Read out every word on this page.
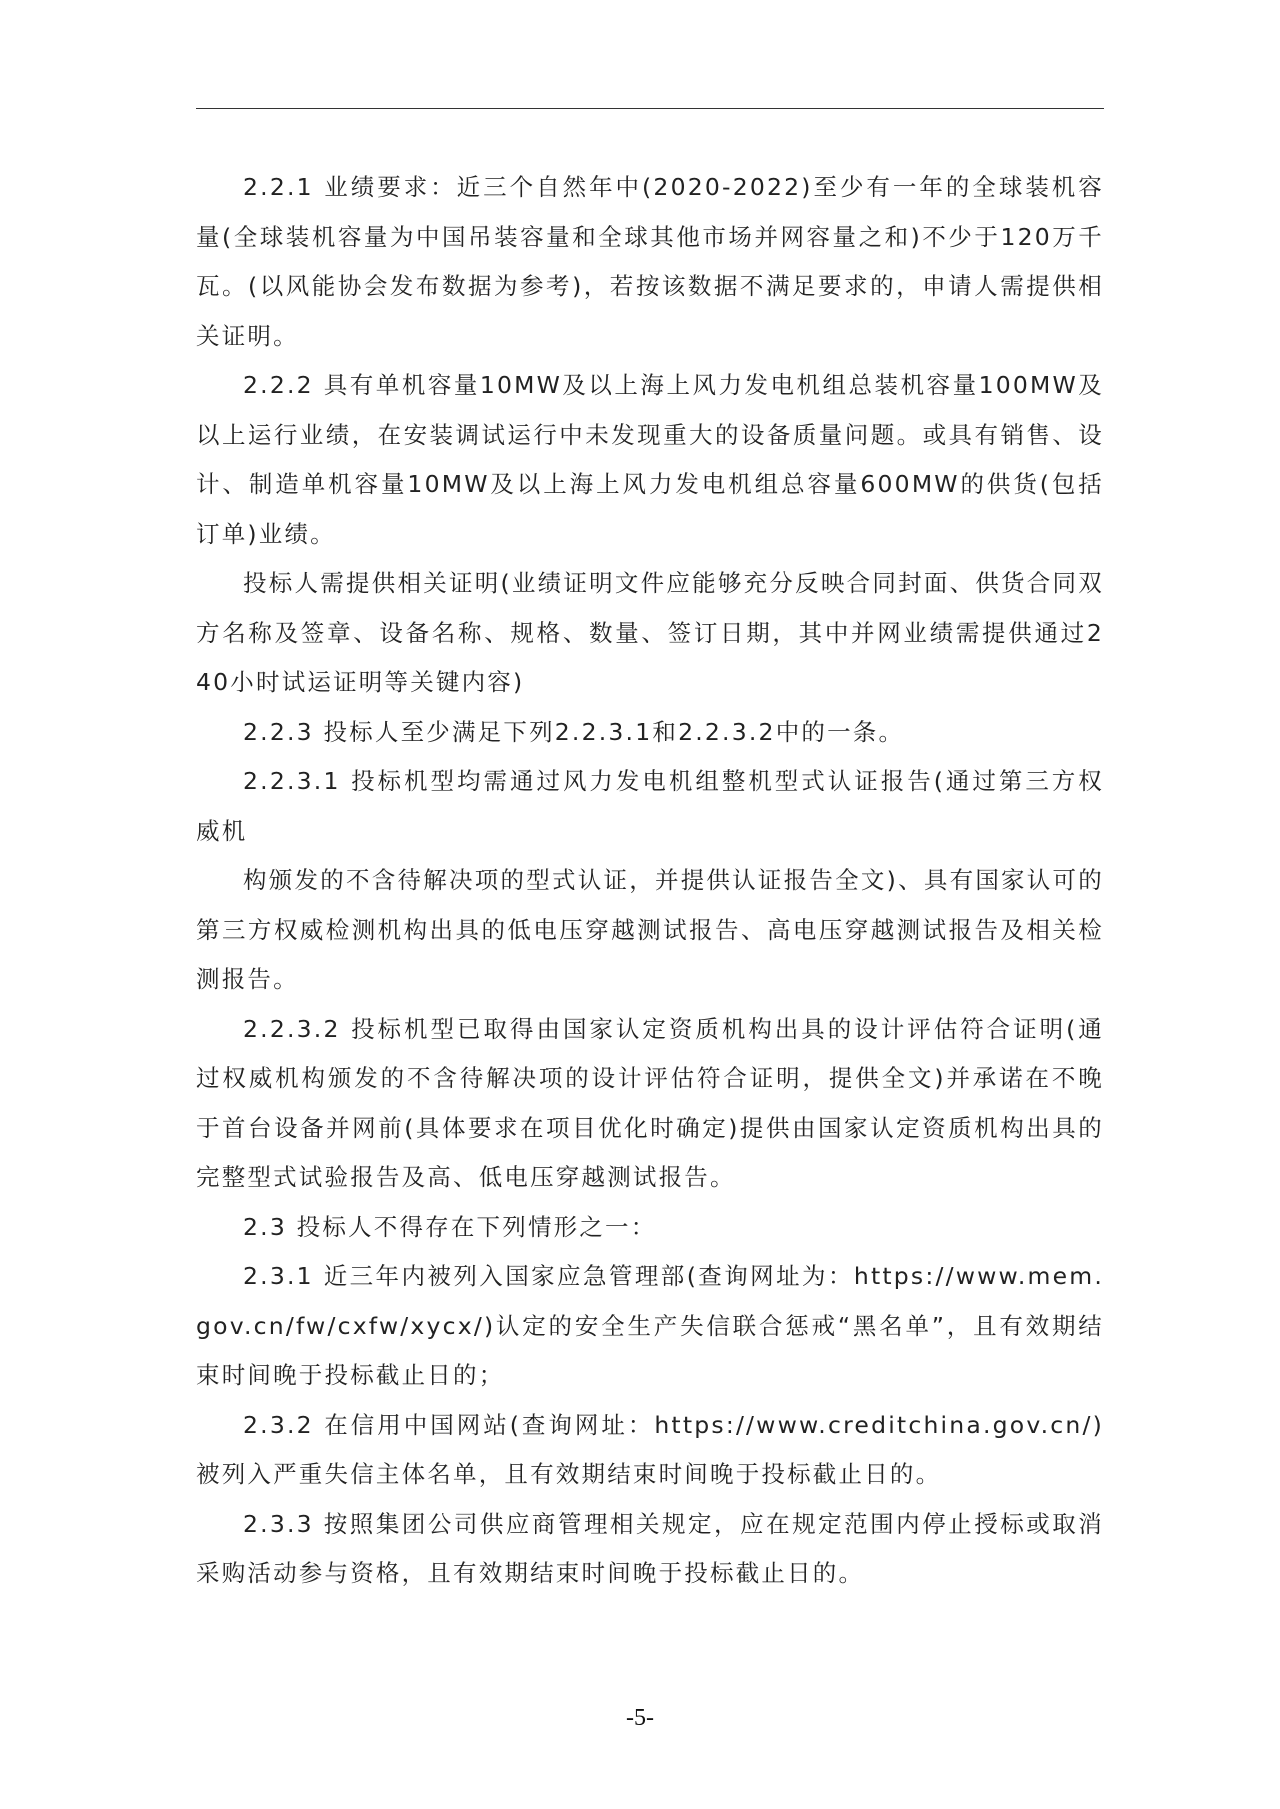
2.2.1 业绩要求：近三个自然年中(2020-2022)至少有一年的全球装机容量(全球装机容量为中国吊装容量和全球其他市场并网容量之和)不少于120万千瓦。(以风能协会发布数据为参考)，若按该数据不满足要求的，申请人需提供相关证明。

2.2.2 具有单机容量10MW及以上海上风力发电机组总装机容量100MW及以上运行业绩，在安装调试运行中未发现重大的设备质量问题。或具有销售、设计、制造单机容量10MW及以上海上风力发电机组总容量600MW的供货(包括订单)业绩。

投标人需提供相关证明(业绩证明文件应能够充分反映合同封面、供货合同双方名称及签章、设备名称、规格、数量、签订日期，其中并网业绩需提供通过240小时试运证明等关键内容)

2.2.3 投标人至少满足下列2.2.3.1和2.2.3.2中的一条。

2.2.3.1 投标机型均需通过风力发电机组整机型式认证报告(通过第三方权威机

构颁发的不含待解决项的型式认证，并提供认证报告全文)、具有国家认可的第三方权威检测机构出具的低电压穿越测试报告、高电压穿越测试报告及相关检测报告。

2.2.3.2 投标机型已取得由国家认定资质机构出具的设计评估符合证明(通过权威机构颁发的不含待解决项的设计评估符合证明，提供全文)并承诺在不晚于首台设备并网前(具体要求在项目优化时确定)提供由国家认定资质机构出具的完整型式试验报告及高、低电压穿越测试报告。

2.3 投标人不得存在下列情形之一：

2.3.1 近三年内被列入国家应急管理部(查询网址为：https://www.mem.gov.cn/fw/cxfw/xycx/)认定的安全生产失信联合惩戒“黑名单”，且有效期结束时间晚于投标截止日的；

2.3.2 在信用中国网站(查询网址：https://www.creditchina.gov.cn/)被列入严重失信主体名单，且有效期结束时间晚于投标截止日的。

2.3.3 按照集团公司供应商管理相关规定，应在规定范围内停止授标或取消采购活动参与资格，且有效期结束时间晚于投标截止日的。

-5-
